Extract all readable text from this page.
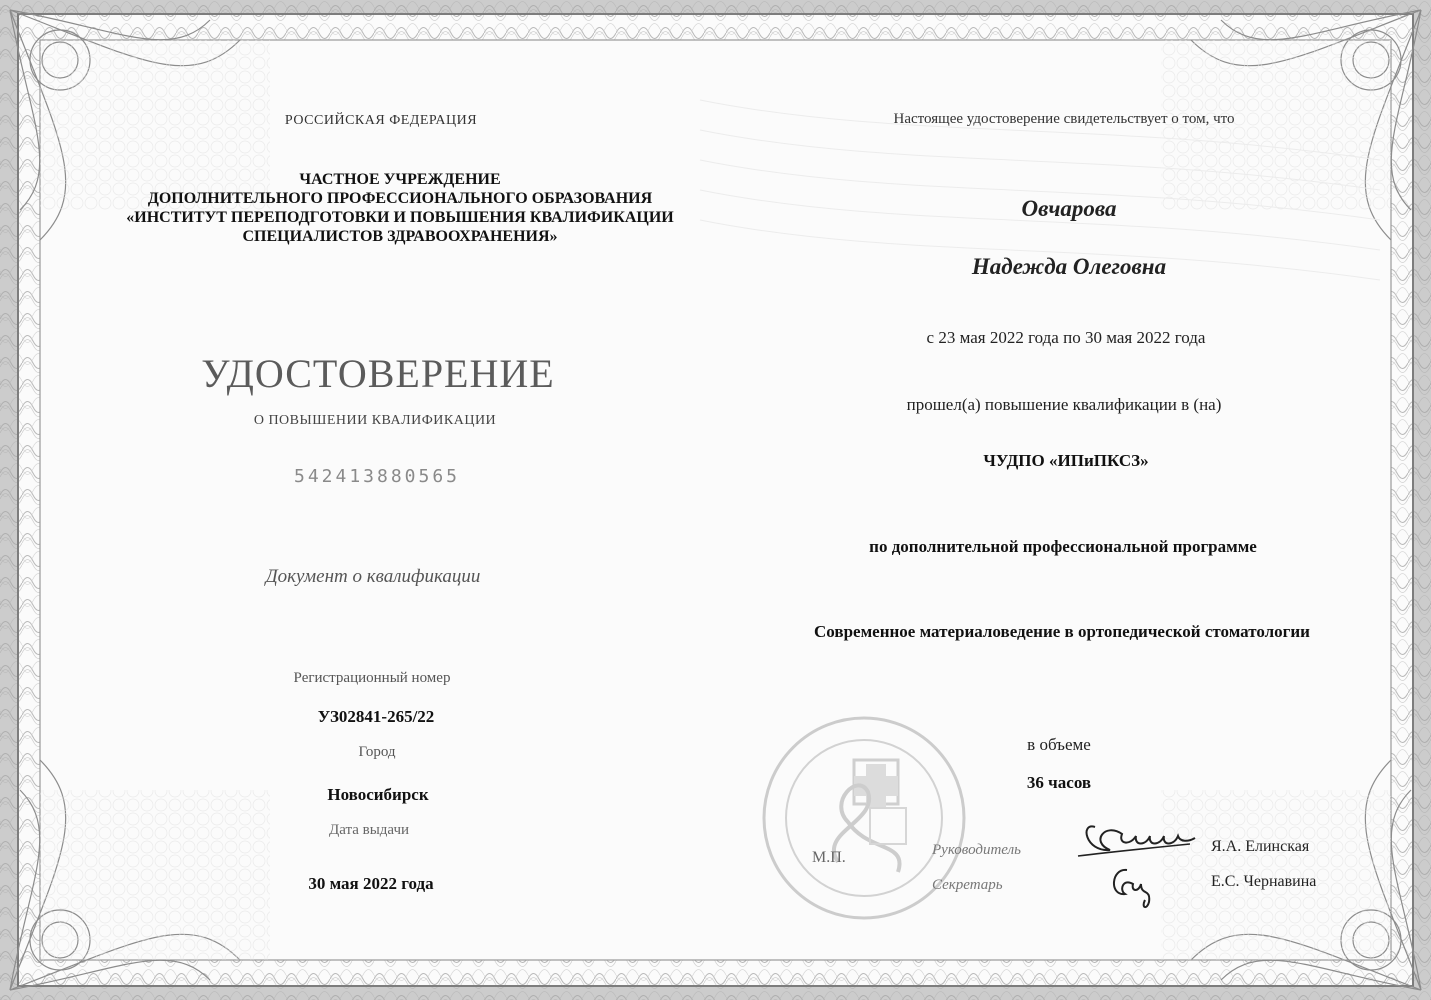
РОССИЙСКАЯ ФЕДЕРАЦИЯ
ЧАСТНОЕ УЧРЕЖДЕНИЕ
ДОПОЛНИТЕЛЬНОГО ПРОФЕССИОНАЛЬНОГО ОБРАЗОВАНИЯ
«ИНСТИТУТ ПЕРЕПОДГОТОВКИ И ПОВЫШЕНИЯ КВАЛИФИКАЦИИ
СПЕЦИАЛИСТОВ ЗДРАВООХРАНЕНИЯ»
УДОСТОВЕРЕНИЕ
О ПОВЫШЕНИИ КВАЛИФИКАЦИИ
542413880565
Документ о квалификации
Регистрационный номер
УЗ02841-265/22
Город
Новосибирск
Дата выдачи
30 мая 2022 года
Настоящее удостоверение свидетельствует о том, что
Овчарова
Надежда Олеговна
с 23 мая 2022 года по 30 мая 2022 года
прошел(а) повышение квалификации в (на)
ЧУДПО «ИПиПКСЗ»
по дополнительной профессиональной программе
Современное материаловедение в ортопедической стоматологии
в объеме
36 часов
М.П.	Руководитель
Секретарь
Я.А. Елинская
Е.С. Чернавина
